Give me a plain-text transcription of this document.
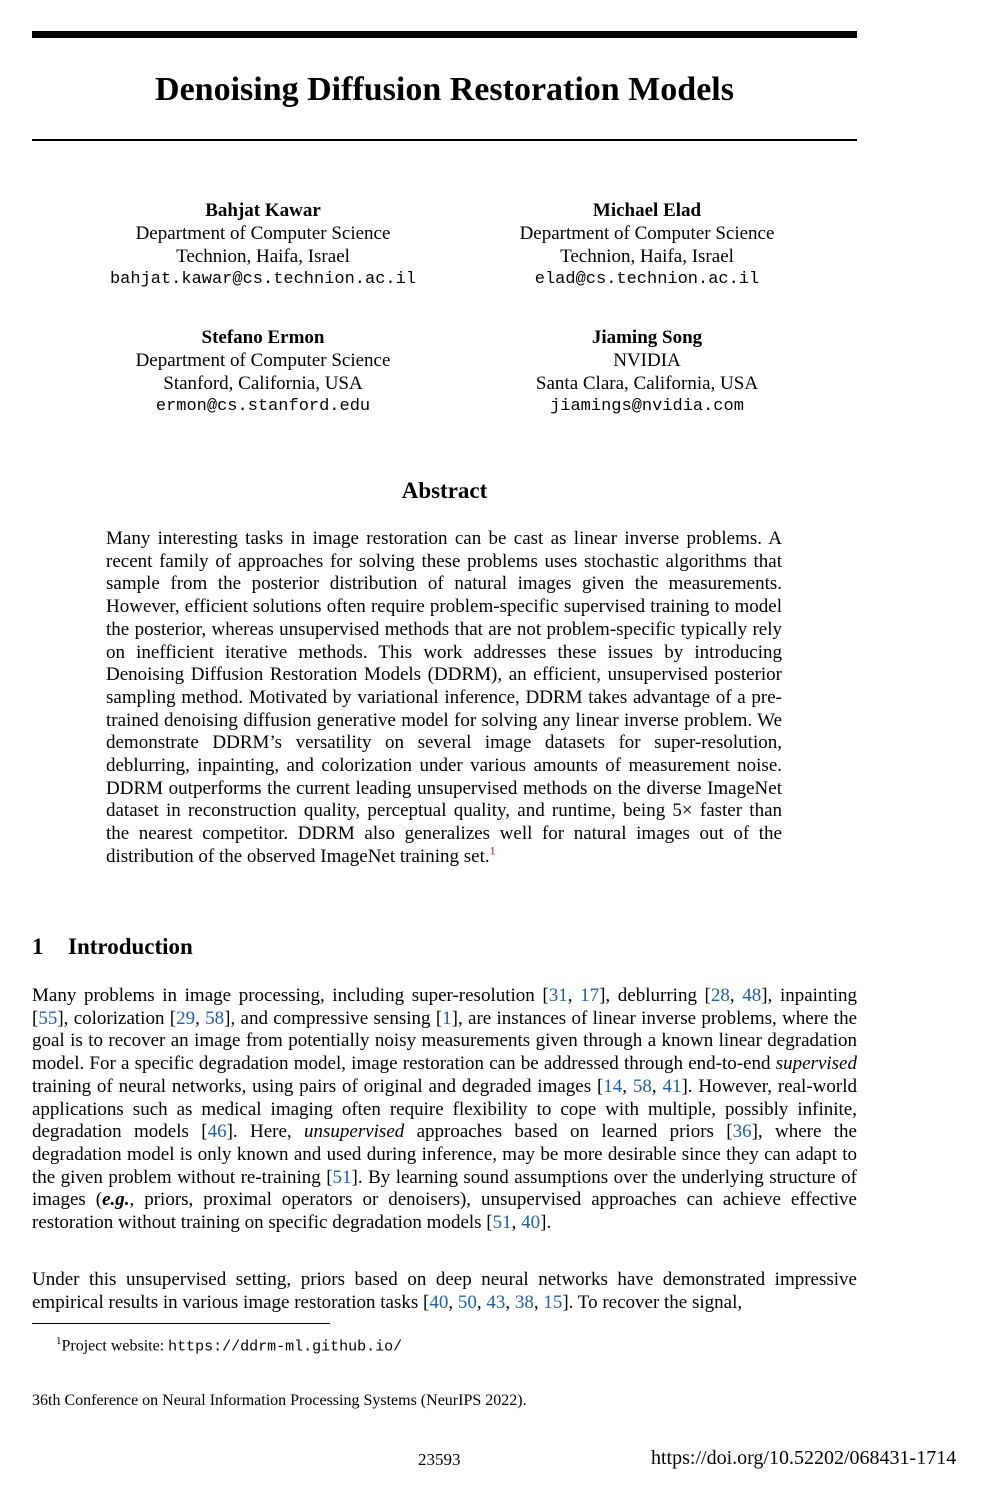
Denoising Diffusion Restoration Models
Bahjat Kawar
Department of Computer Science
Technion, Haifa, Israel
bahjat.kawar@cs.technion.ac.il
Michael Elad
Department of Computer Science
Technion, Haifa, Israel
elad@cs.technion.ac.il
Stefano Ermon
Department of Computer Science
Stanford, California, USA
ermon@cs.stanford.edu
Jiaming Song
NVIDIA
Santa Clara, California, USA
jiamings@nvidia.com
Abstract

Many interesting tasks in image restoration can be cast as linear inverse problems. A recent family of approaches for solving these problems uses stochastic algorithms that sample from the posterior distribution of natural images given the measurements. However, efficient solutions often require problem-specific supervised training to model the posterior, whereas unsupervised methods that are not problem-specific typically rely on inefficient iterative methods. This work addresses these issues by introducing Denoising Diffusion Restoration Models (DDRM), an efficient, unsupervised posterior sampling method. Motivated by variational inference, DDRM takes advantage of a pre-trained denoising diffusion generative model for solving any linear inverse problem. We demonstrate DDRM’s versatility on several image datasets for super-resolution, deblurring, inpainting, and colorization under various amounts of measurement noise. DDRM outperforms the current leading unsupervised methods on the diverse ImageNet dataset in reconstruction quality, perceptual quality, and runtime, being 5× faster than the nearest competitor. DDRM also generalizes well for natural images out of the distribution of the observed ImageNet training set.$^1$

1 Introduction

Many problems in image processing, including super-resolution [31, 17], deblurring [28, 48], inpainting [55], colorization [29, 58], and compressive sensing [1], are instances of linear inverse problems, where the goal is to recover an image from potentially noisy measurements given through a known linear degradation model. For a specific degradation model, image restoration can be addressed through end-to-end supervised training of neural networks, using pairs of original and degraded images [14, 58, 41]. However, real-world applications such as medical imaging often require flexibility to cope with multiple, possibly infinite, degradation models [46]. Here, unsupervised approaches based on learned priors [36], where the degradation model is only known and used during inference, may be more desirable since they can adapt to the given problem without re-training [51]. By learning sound assumptions over the underlying structure of images (e.g., priors, proximal operators or denoisers), unsupervised approaches can achieve effective restoration without training on specific degradation models [51, 40].

Under this unsupervised setting, priors based on deep neural networks have demonstrated impressive empirical results in various image restoration tasks [40, 50, 43, 38, 15]. To recover the signal,

$^1$Project website: https://ddrm-ml.github.io/
36th Conference on Neural Information Processing Systems (NeurIPS 2022).
23593	https://doi.org/10.52202/068431-1714
